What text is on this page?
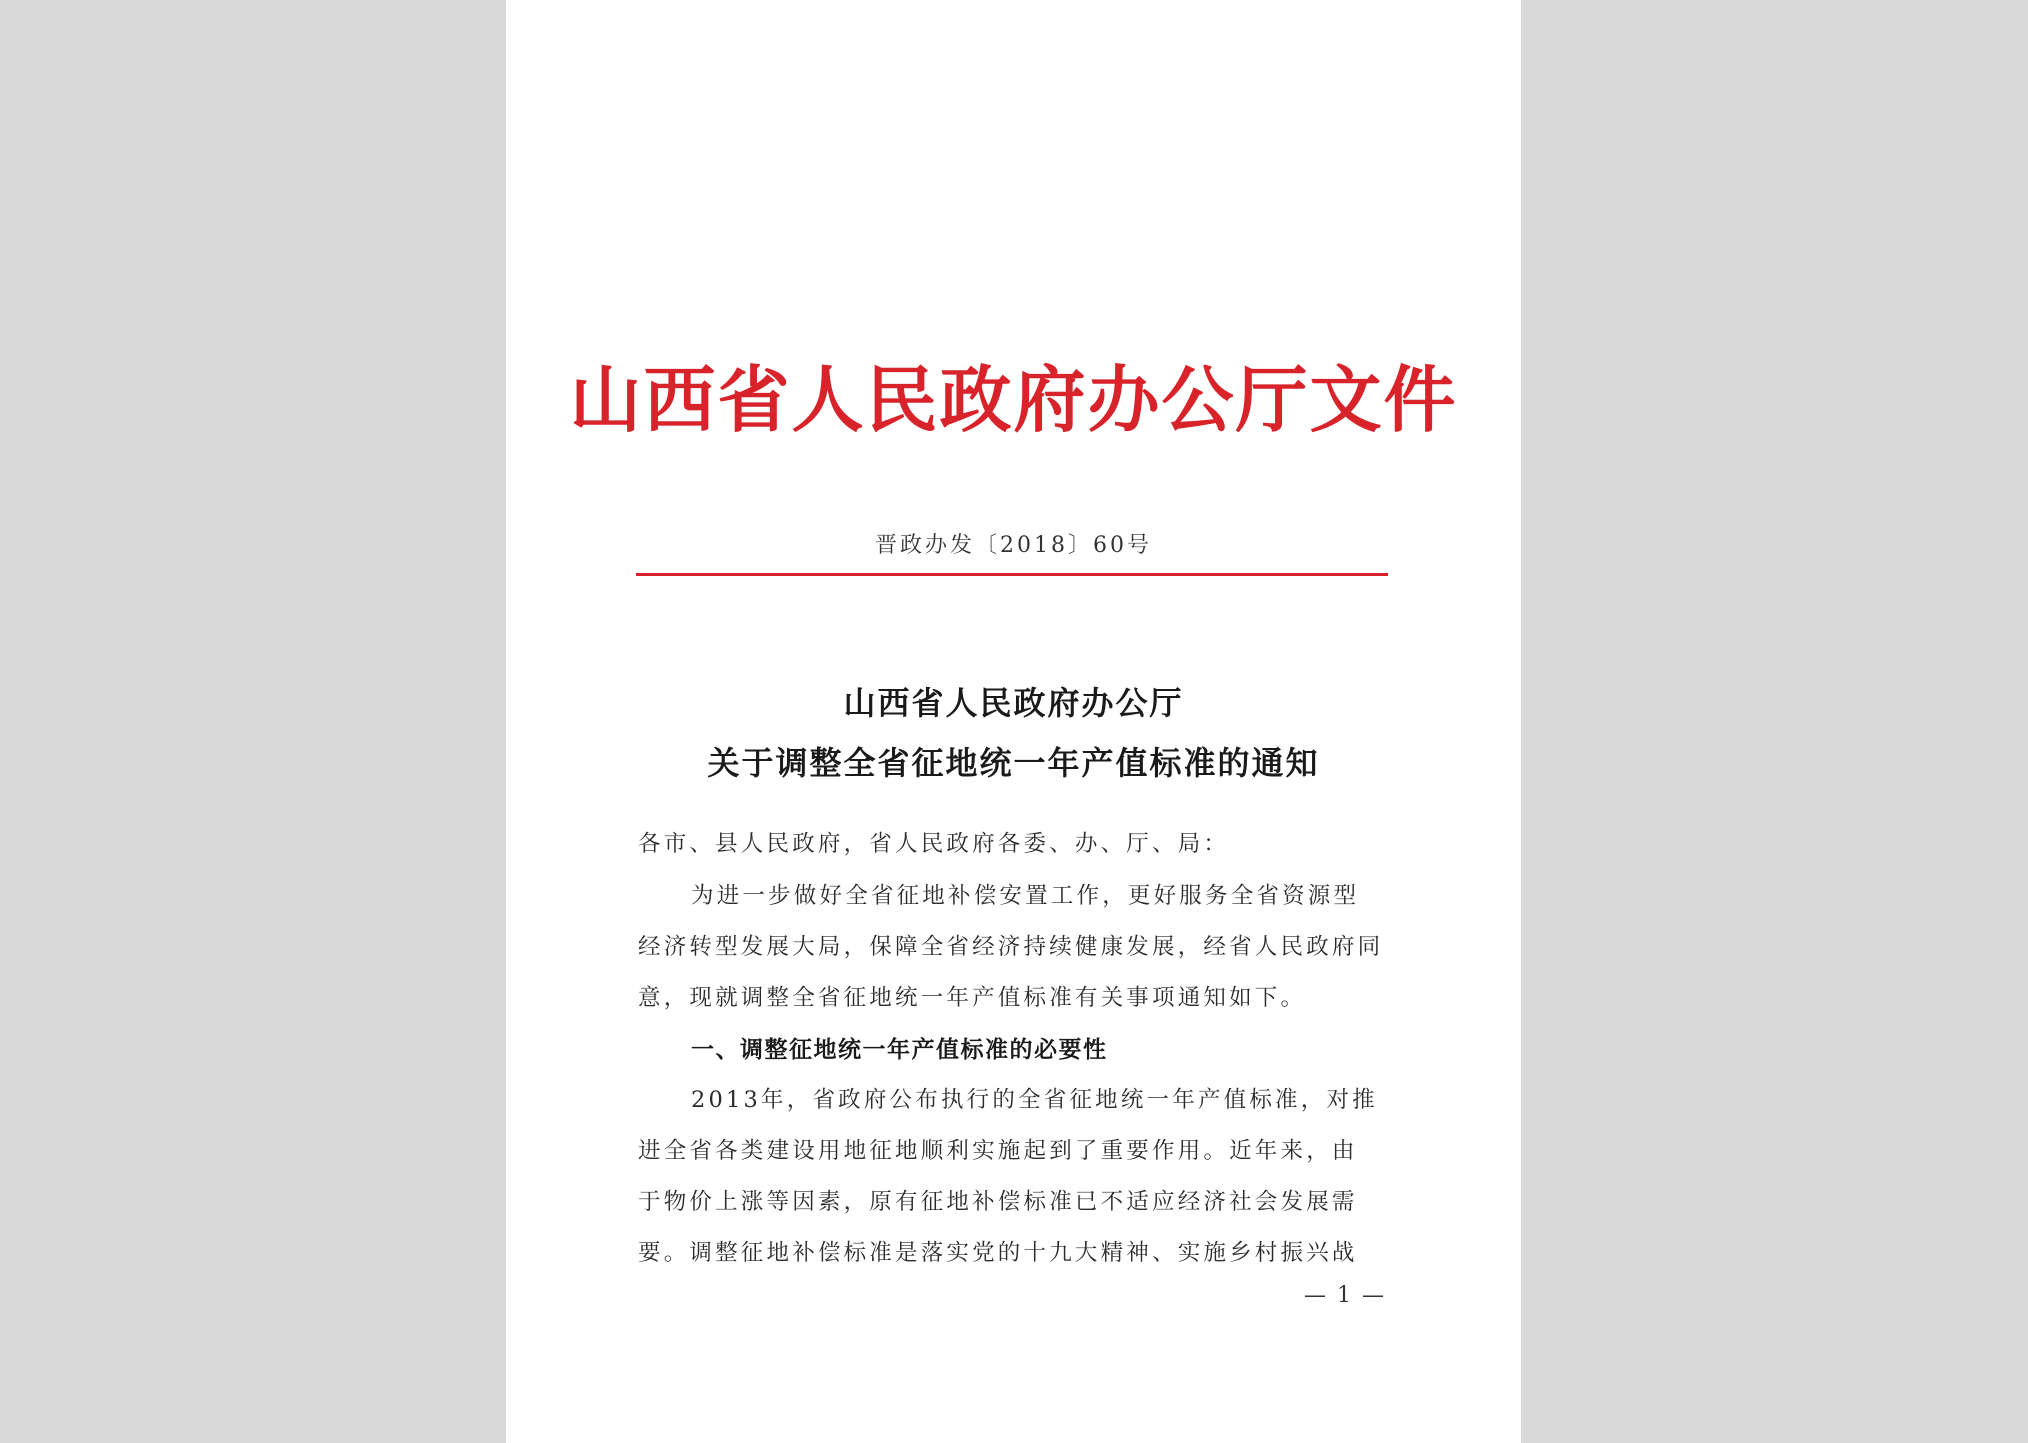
山西省人民政府办公厅文件
晋政办发〔2018〕60号
山西省人民政府办公厅
关于调整全省征地统一年产值标准的通知
各市、县人民政府，省人民政府各委、办、厅、局：
为进一步做好全省征地补偿安置工作，更好服务全省资源型
经济转型发展大局，保障全省经济持续健康发展，经省人民政府同
意，现就调整全省征地统一年产值标准有关事项通知如下。
一、调整征地统一年产值标准的必要性
2013年，省政府公布执行的全省征地统一年产值标准，对推
进全省各类建设用地征地顺利实施起到了重要作用。近年来，由
于物价上涨等因素，原有征地补偿标准已不适应经济社会发展需
要。调整征地补偿标准是落实党的十九大精神、实施乡村振兴战
— 1 —
